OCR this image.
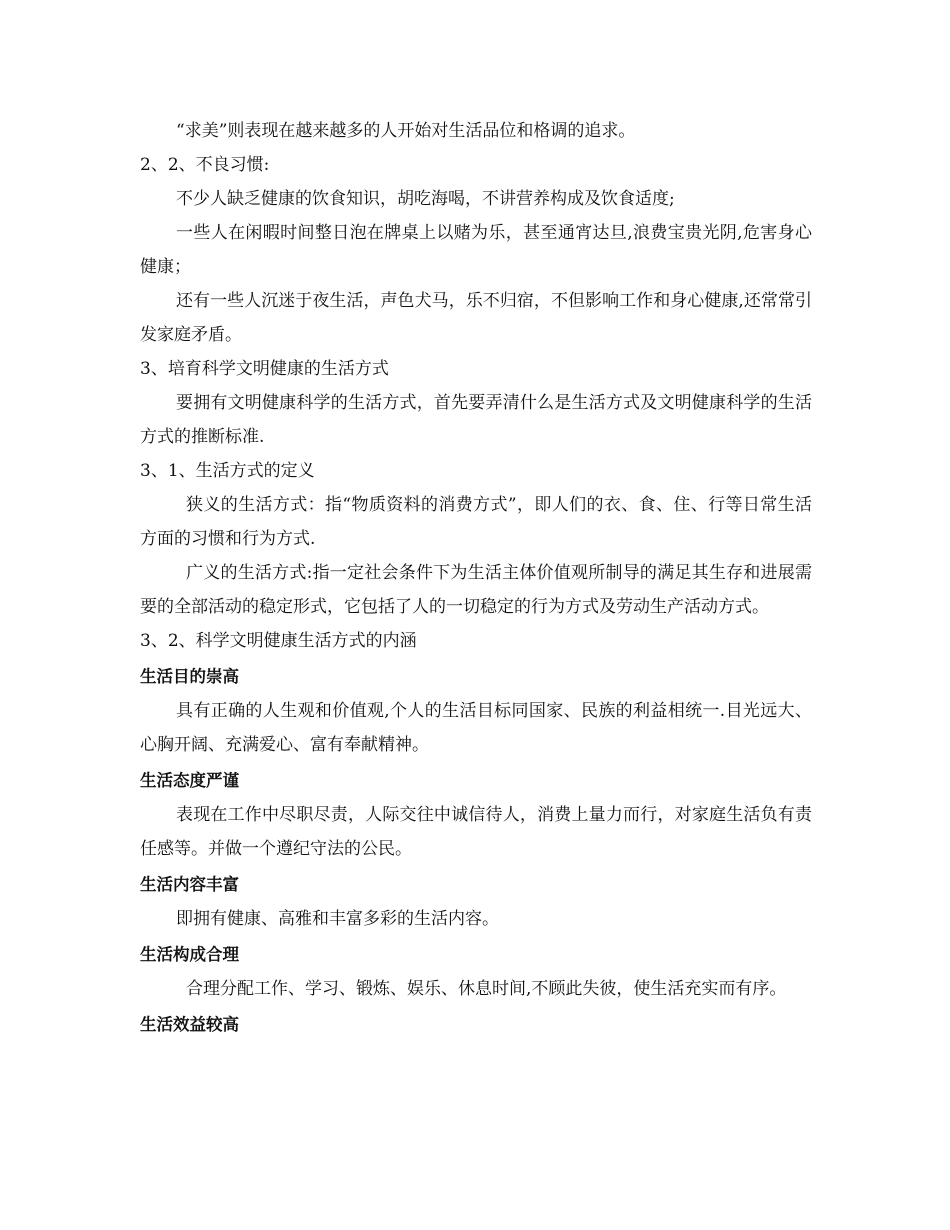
“求美”则表现在越来越多的人开始对生活品位和格调的追求。

2、2、不良习惯:

不少人缺乏健康的饮食知识，胡吃海喝，不讲营养构成及饮食适度;

一些人在闲暇时间整日泡在牌桌上以赌为乐，甚至通宵达旦,浪费宝贵光阴,危害身心健康；

还有一些人沉迷于夜生活，声色犬马，乐不归宿，不但影响工作和身心健康,还常常引发家庭矛盾。

3、培育科学文明健康的生活方式

要拥有文明健康科学的生活方式，首先要弄清什么是生活方式及文明健康科学的生活方式的推断标准.

3、1、生活方式的定义

狭义的生活方式：指“物质资料的消费方式”，即人们的衣、食、住、行等日常生活方面的习惯和行为方式.

广义的生活方式:指一定社会条件下为生活主体价值观所制导的满足其生存和进展需要的全部活动的稳定形式，它包括了人的一切稳定的行为方式及劳动生产活动方式。

3、2、科学文明健康生活方式的内涵

生活目的崇高

具有正确的人生观和价值观,个人的生活目标同国家、民族的利益相统一.目光远大、心胸开阔、充满爱心、富有奉献精神。

生活态度严谨

表现在工作中尽职尽责，人际交往中诚信待人，消费上量力而行，对家庭生活负有责任感等。并做一个遵纪守法的公民。

生活内容丰富

即拥有健康、高雅和丰富多彩的生活内容。

生活构成合理

合理分配工作、学习、锻炼、娱乐、休息时间,不顾此失彼，使生活充实而有序。

生活效益较高
